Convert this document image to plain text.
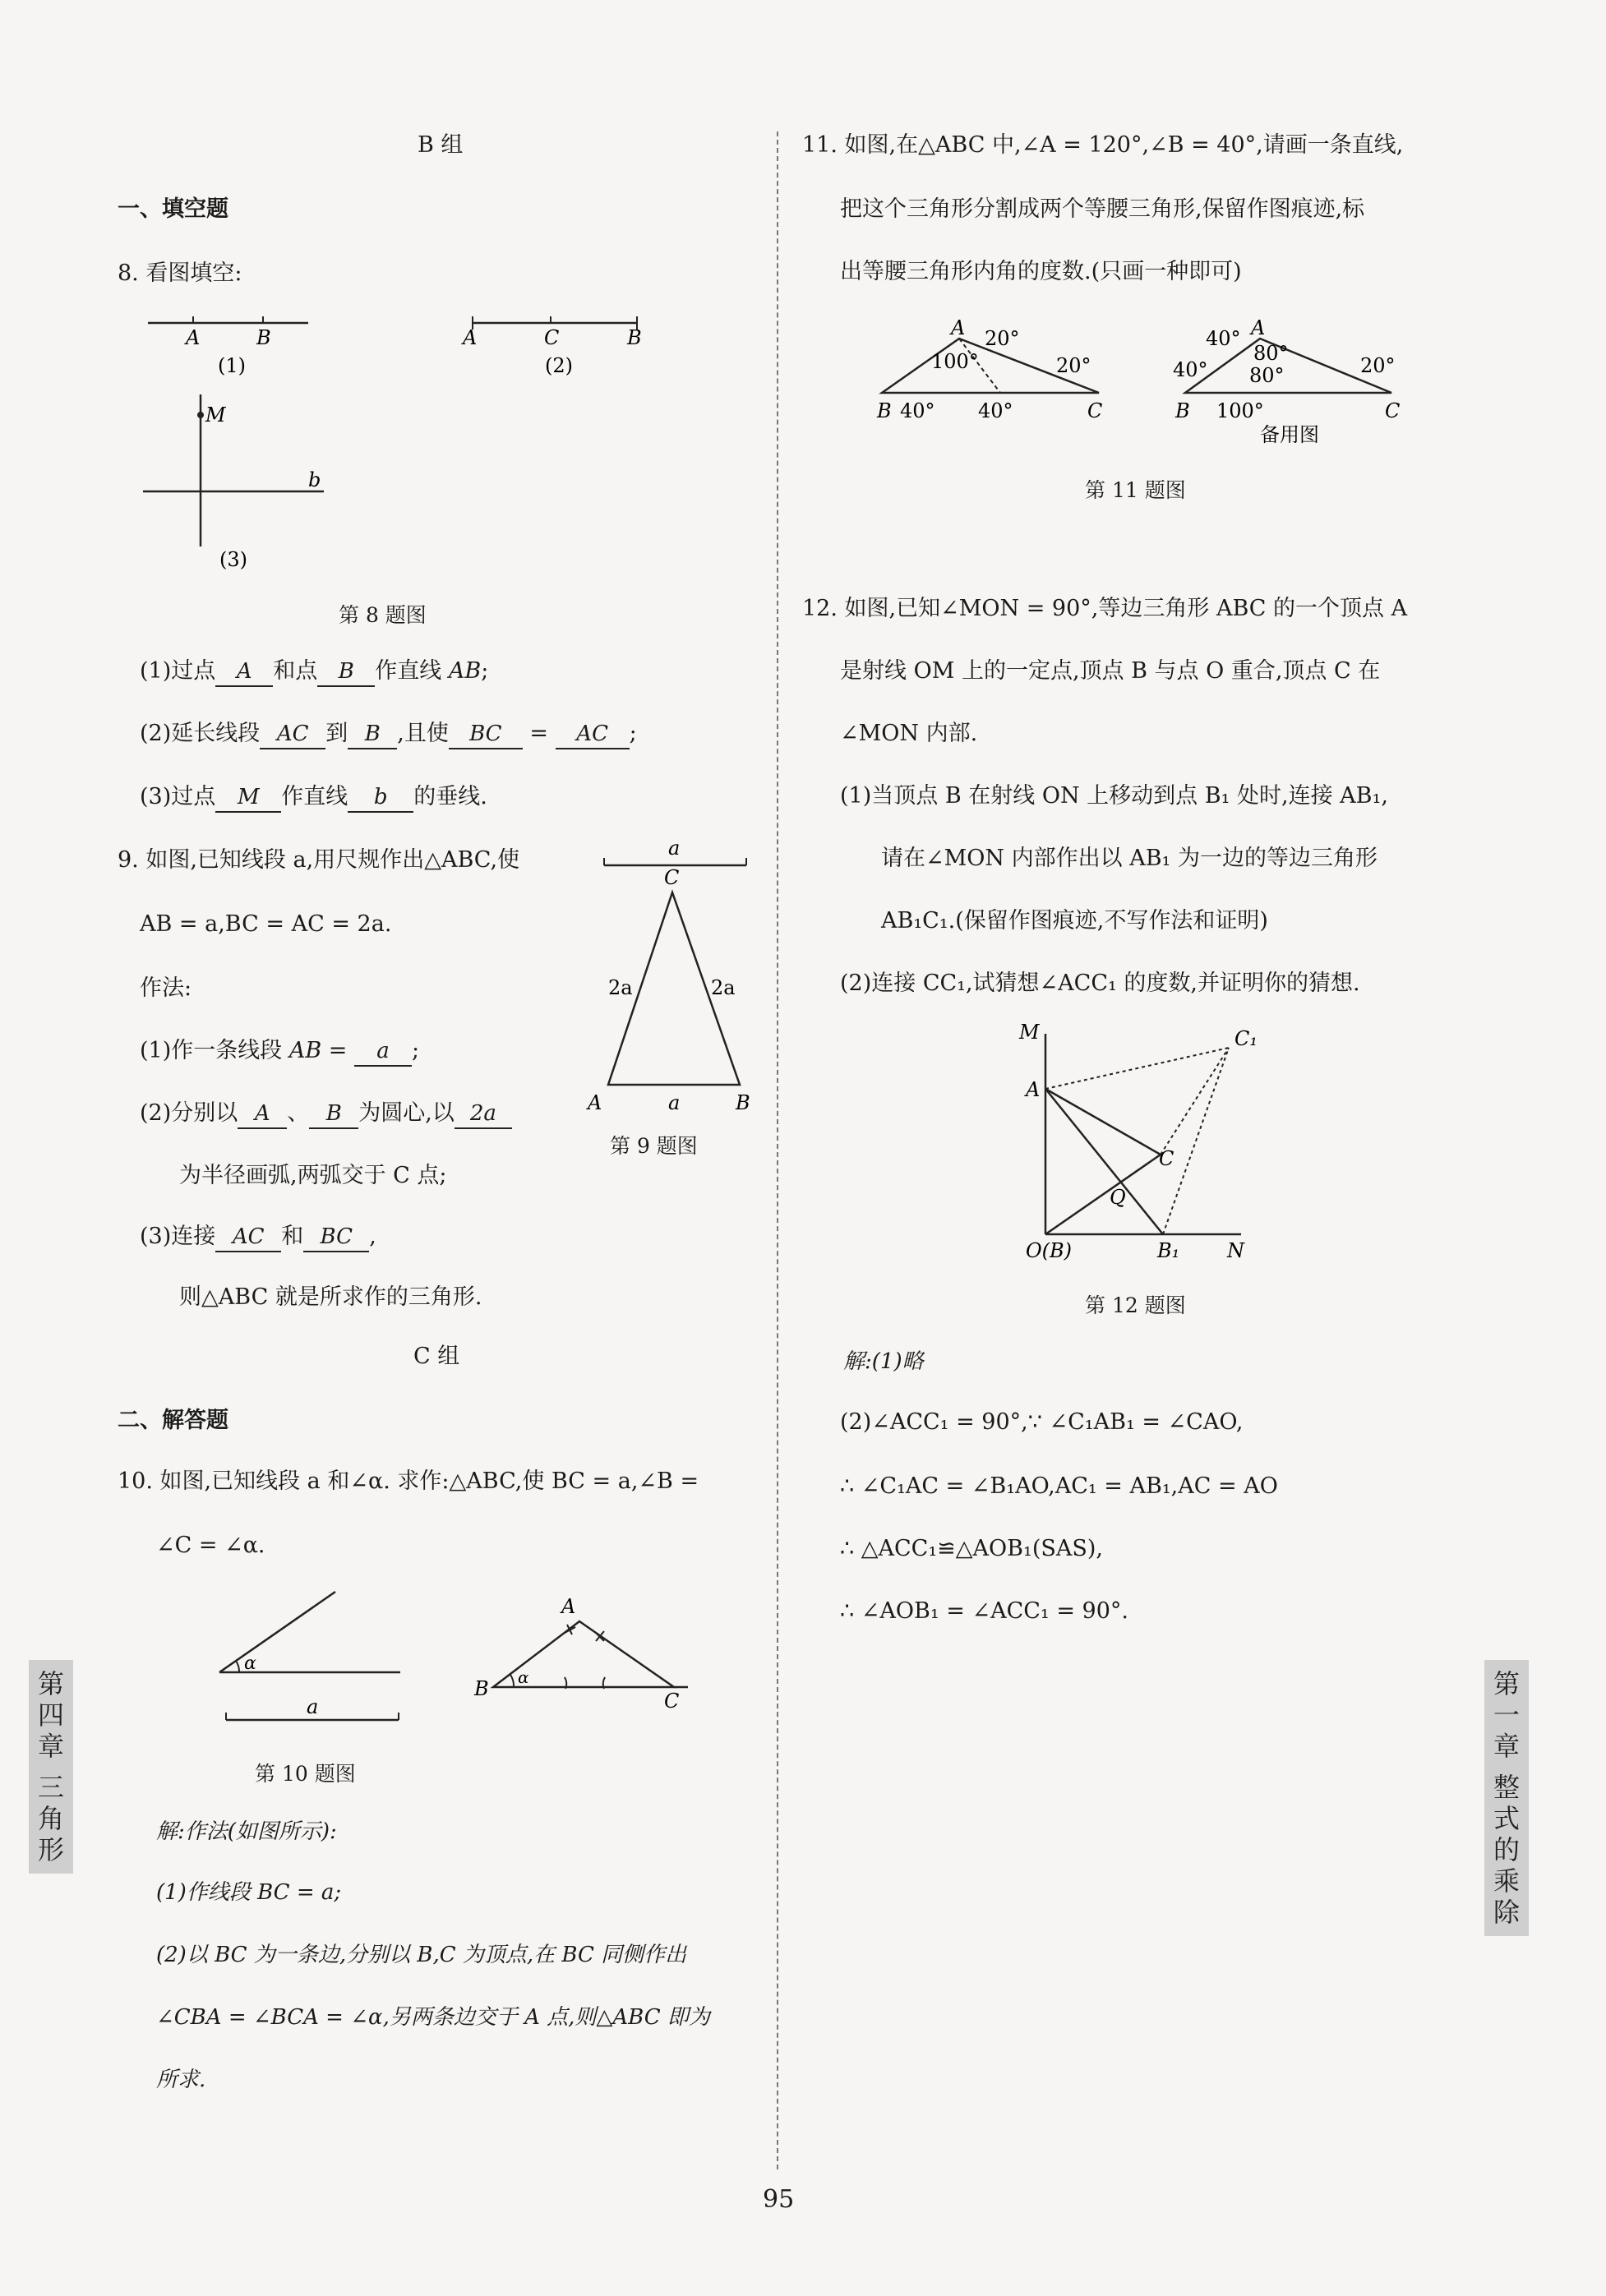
B 组
一、填空题
8. 看图填空:
A	B
(1)
A	C	B
(2)
M
b
(3)
第 8 题图
(1)过点 A 和点 B 作直线 AB;
(2)延长线段 AC 到 B ,且使 BC = AC ;
(3)过点 M 作直线 b 的垂线.
9. 如图,已知线段 a,用尺规作出△ABC,使
AB = a,BC = AC = 2a.
作法:
(1)作一条线段 AB = a ;
(2)分别以 A 、 B 为圆心,以 2a
为半径画弧,两弧交于 C 点;
(3)连接 AC 和 BC ,
则△ABC 就是所求作的三角形.
a
C
2a	2a
A	a	B
第 9 题图
C 组
二、解答题
10. 如图,已知线段 a 和∠α. 求作:△ABC,使 BC = a,∠B =
∠C = ∠α.
α
a
A
B
C
α
第 10 题图
解:作法(如图所示):
(1)作线段 BC = a;
(2)以 BC 为一条边,分别以 B,C 为顶点,在 BC 同侧作出
∠CBA = ∠BCA = ∠α,另两条边交于 A 点,则△ABC 即为
所求.
11. 如图,在△ABC 中,∠A = 120°,∠B = 40°,请画一条直线,
把这个三角形分割成两个等腰三角形,保留作图痕迹,标
出等腰三角形内角的度数.(只画一种即可)
A
B	C
20°
100°	20°
40° 40°
A
B	C
40°
80°
40° 80°	20°
100°
备用图
第 11 题图
12. 如图,已知∠MON = 90°,等边三角形 ABC 的一个顶点 A
是射线 OM 上的一定点,顶点 B 与点 O 重合,顶点 C 在
∠MON 内部.
(1)当顶点 B 在射线 ON 上移动到点 B₁ 处时,连接 AB₁,
请在∠MON 内部作出以 AB₁ 为一边的等边三角形
AB₁C₁.(保留作图痕迹,不写作法和证明)
(2)连接 CC₁,试猜想∠ACC₁ 的度数,并证明你的猜想.
M	C₁
A
C
Q
O(B)	B₁ N
第 12 题图
解:(1)略
(2)∠ACC₁ = 90°,∵ ∠C₁AB₁ = ∠CAO,
∴ ∠C₁AC = ∠B₁AO,AC₁ = AB₁,AC = AO
∴ △ACC₁≌△AOB₁(SAS),
∴ ∠AOB₁ = ∠ACC₁ = 90°.
第
四
章
三
角
形
第
一
章
整
式
的
乘
除
95
